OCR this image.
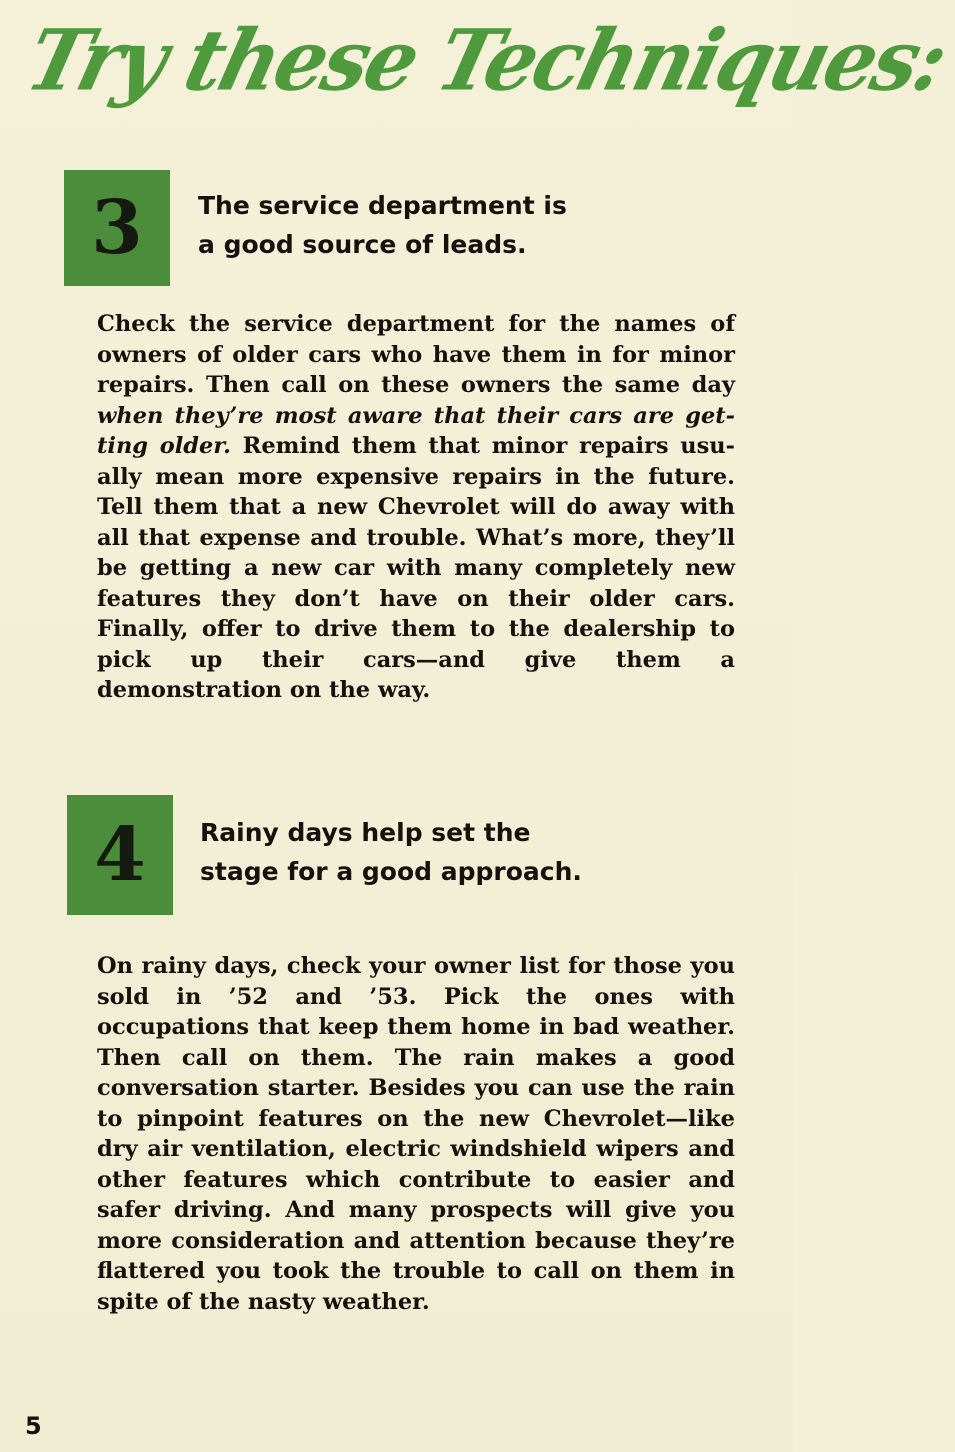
Try these Techniques:
3 The service department is
a good source of leads.
Check the service department for the names of owners of older cars who have them in for minor repairs. Then call on these owners the same day when they’re most aware that their cars are getting older. Remind them that minor repairs usually mean more expensive repairs in the future. Tell them that a new Chevrolet will do away with all that expense and trouble. What’s more, they’ll be getting a new car with many completely new features they don’t have on their older cars. Finally, offer to drive them to the dealership to pick up their cars—and give them a demonstration on the way.
4 Rainy days help set the
stage for a good approach.
On rainy days, check your owner list for those you sold in ’52 and ’53. Pick the ones with occupations that keep them home in bad weather. Then call on them. The rain makes a good conversation starter. Besides you can use the rain to pinpoint features on the new Chevrolet—like dry air ventilation, electric windshield wipers and other features which contribute to easier and safer driving. And many prospects will give you more consideration and attention because they’re flattered you took the trouble to call on them in spite of the nasty weather.
5
